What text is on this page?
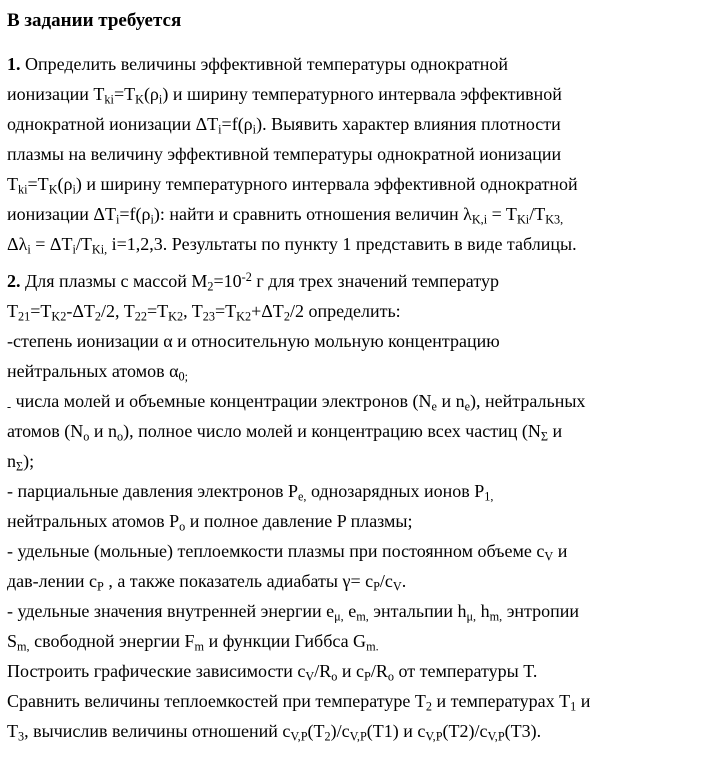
В задании требуется
1. Определить величины эффективной температуры однократной
ионизации $T_{ki}=T_K(\rho_i)$ и ширину температурного интервала эффективной
однократной ионизации $\Delta T_i=f(\rho_i)$. Выявить характер влияния плотности
плазмы на величину эффективной температуры однократной ионизации
$T_{ki}=T_K(\rho_i)$ и ширину температурного интервала эффективной однократной
ионизации $\Delta T_i=f(\rho_i)$: найти и сравнить отношения величин $\lambda_{K,i} = T_{Ki}/T_{K3,}$
$\Delta\lambda_i = \Delta T_i/T_{Ki,}$ i=1,2,3. Результаты по пункту 1 представить в виде таблицы.
2. Для плазмы с массой $M_2=10^{-2}$ г для трех значений температур
$T_{21}=T_{K2}-\Delta T_2/2$, $T_{22}=T_{K2}$, $T_{23}=T_{K2}+\Delta T_2/2$ определить:
-степень ионизации α и относительную мольную концентрацию
нейтральных атомов $\alpha_{0;}$
$_-$ числа молей и объемные концентрации электронов ($N_e$ и $n_e$), нейтральных
атомов ($N_o$ и $n_o$), полное число молей и концентрацию всех частиц ($N_\Sigma$ и
$n_\Sigma$);
- парциальные давления электронов $P_{e,}$ однозарядных ионов $P_{1,}$
нейтральных атомов $P_o$ и полное давление P плазмы;
- удельные (мольные) теплоемкости плазмы при постоянном объеме $c_V$ и
дав-лении $c_P$ , а также показатель адиабаты $\gamma= c_P/c_V$.
- удельные значения внутренней энергии $e_{\mu,}$ $e_{m,}$ энтальпии $h_{\mu,}$ $h_{m,}$ энтропии
$S_{m,}$ свободной энергии $F_m$ и функции Гиббса $G_{m.}$
Построить графические зависимости $c_V/R_o$ и $c_P/R_o$ от температуры T.
Сравнить величины теплоемкостей при температуре $T_2$ и температурах $T_1$ и
$T_3$, вычислив величины отношений $c_{V,P}(T_2)/c_{V,P}(T1)$ и $c_{V,P}(T2)/c_{V,P}(T3)$.
